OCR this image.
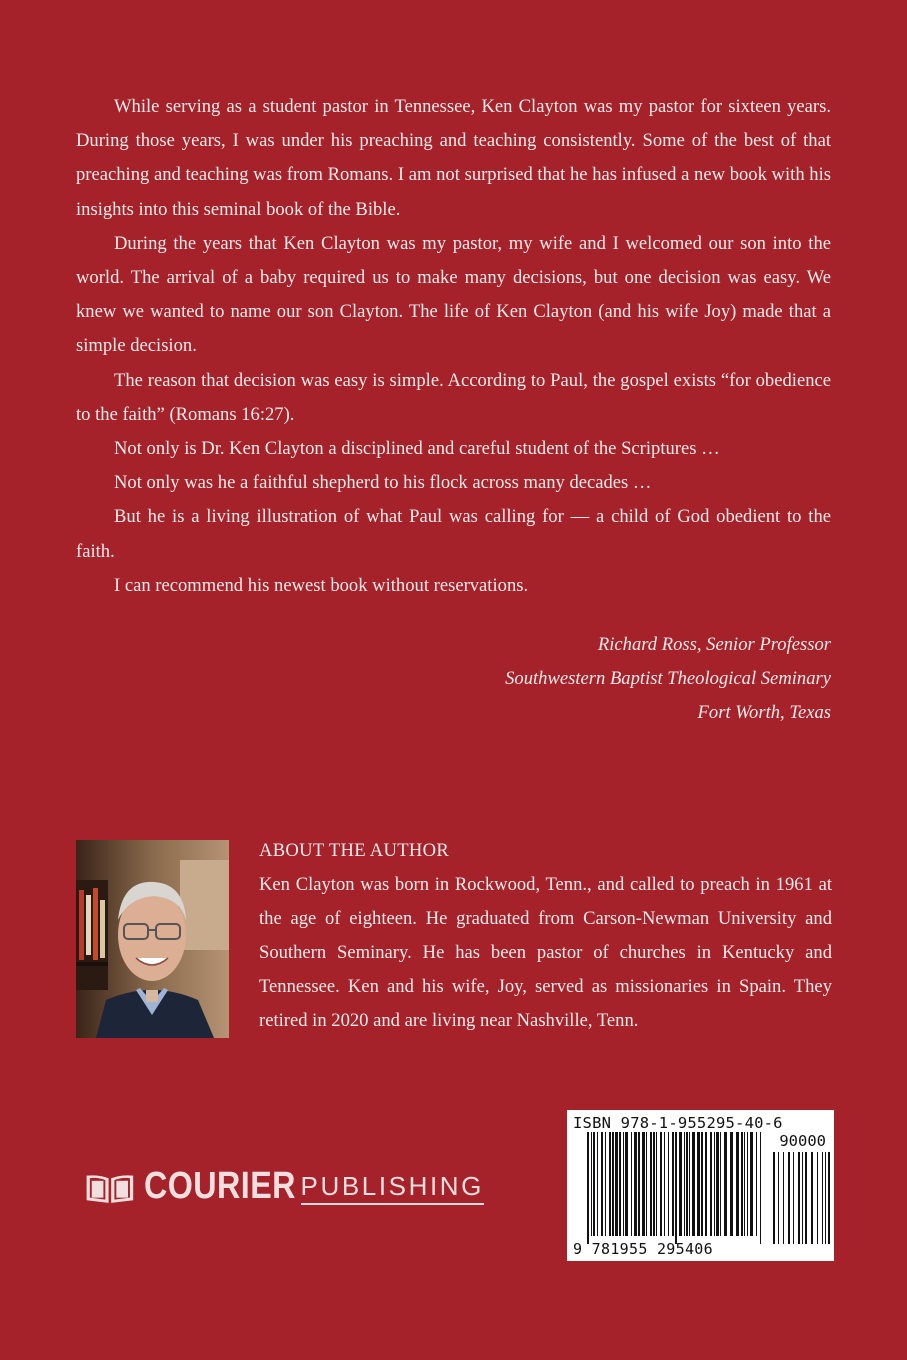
While serving as a student pastor in Tennessee, Ken Clayton was my pastor for sixteen years. During those years, I was under his preaching and teaching consistently. Some of the best of that preaching and teaching was from Romans. I am not surprised that he has infused a new book with his insights into this seminal book of the Bible.

During the years that Ken Clayton was my pastor, my wife and I welcomed our son into the world. The arrival of a baby required us to make many decisions, but one decision was easy. We knew we wanted to name our son Clayton. The life of Ken Clayton (and his wife Joy) made that a simple decision.

The reason that decision was easy is simple. According to Paul, the gospel exists “for obedience to the faith” (Romans 16:27).

Not only is Dr. Ken Clayton a disciplined and careful student of the Scriptures …

Not only was he a faithful shepherd to his flock across many decades …

But he is a living illustration of what Paul was calling for — a child of God obedient to the faith.

I can recommend his newest book without reservations.

Richard Ross, Senior Professor
Southwestern Baptist Theological Seminary
Fort Worth, Texas
ABOUT THE AUTHOR

Ken Clayton was born in Rockwood, Tenn., and called to preach in 1961 at the age of eighteen. He graduated from Carson-Newman University and Southern Seminary. He has been pastor of churches in Kentucky and Tennessee. Ken and his wife, Joy, served as missionaries in Spain. They retired in 2020 and are living near Nashville, Tenn.

COURIER PUBLISHING
ISBN 978-1-955295-40-6
90000
9 781955 295406
